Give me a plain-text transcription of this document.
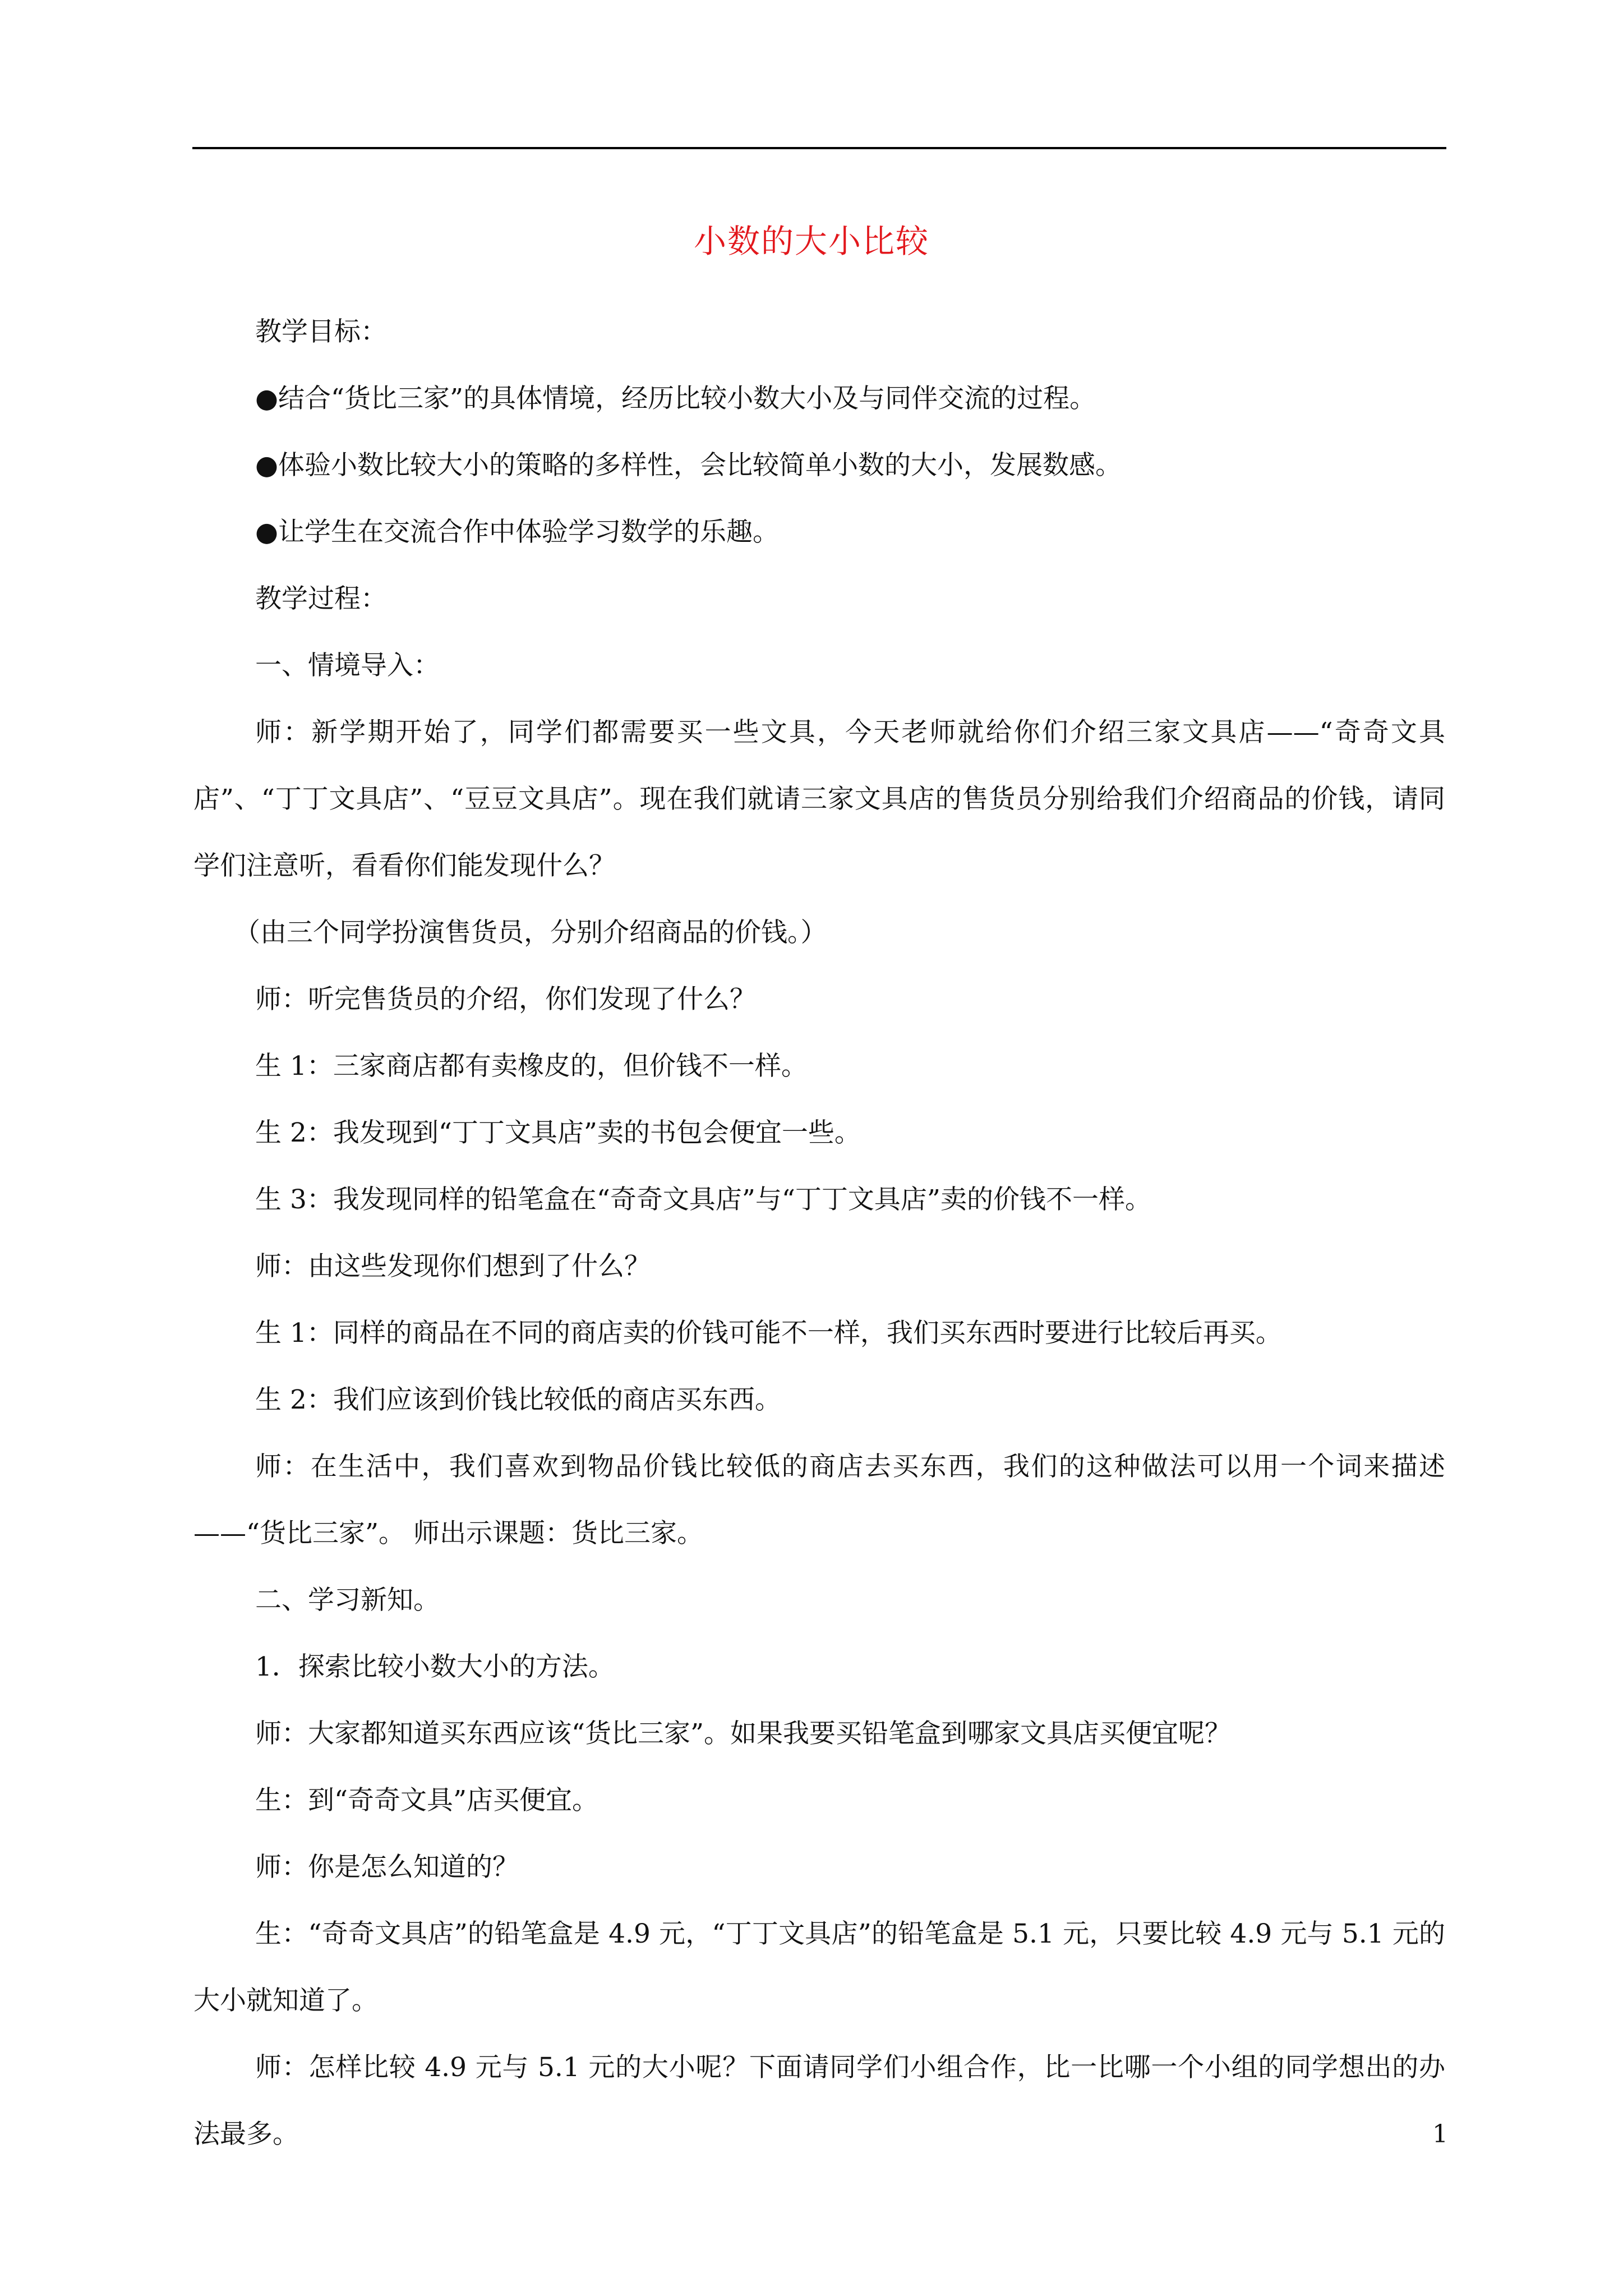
小数的大小比较

教学目标：

●结合“货比三家”的具体情境，经历比较小数大小及与同伴交流的过程。

●体验小数比较大小的策略的多样性，会比较简单小数的大小，发展数感。

●让学生在交流合作中体验学习数学的乐趣。

教学过程：

一、情境导入：

师：新学期开始了，同学们都需要买一些文具，今天老师就给你们介绍三家文具店——“奇奇文具店”、“丁丁文具店”、“豆豆文具店”。现在我们就请三家文具店的售货员分别给我们介绍商品的价钱，请同学们注意听，看看你们能发现什么？

（由三个同学扮演售货员，分别介绍商品的价钱。）

师：听完售货员的介绍，你们发现了什么？

生 1：三家商店都有卖橡皮的，但价钱不一样。

生 2：我发现到“丁丁文具店”卖的书包会便宜一些。

生 3：我发现同样的铅笔盒在“奇奇文具店”与“丁丁文具店”卖的价钱不一样。

师：由这些发现你们想到了什么？

生 1：同样的商品在不同的商店卖的价钱可能不一样，我们买东西时要进行比较后再买。

生 2：我们应该到价钱比较低的商店买东西。

师：在生活中，我们喜欢到物品价钱比较低的商店去买东西，我们的这种做法可以用一个词来描述——“货比三家”。 师出示课题：货比三家。

二、学习新知。

1．探索比较小数大小的方法。

师：大家都知道买东西应该“货比三家”。如果我要买铅笔盒到哪家文具店买便宜呢？

生：到“奇奇文具”店买便宜。

师：你是怎么知道的？

生：“奇奇文具店”的铅笔盒是 4.9 元，“丁丁文具店”的铅笔盒是 5.1 元，只要比较 4.9 元与 5.1 元的大小就知道了。

师：怎样比较 4.9 元与 5.1 元的大小呢？下面请同学们小组合作，比一比哪一个小组的同学想出的办法最多。	1
